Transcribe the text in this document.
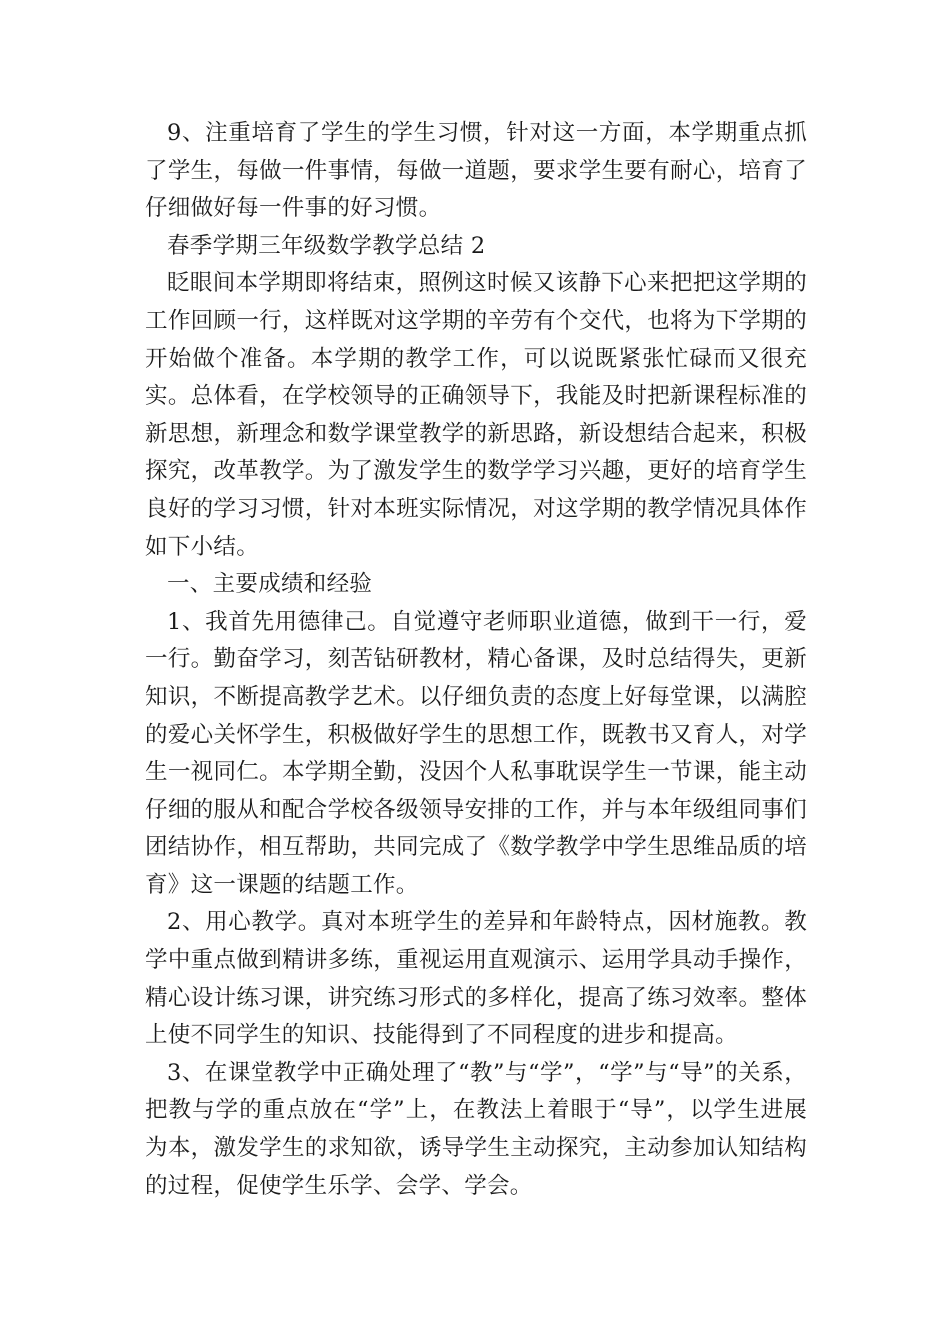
9、注重培育了学生的学生习惯，针对这一方面，本学期重点抓了学生，每做一件事情，每做一道题，要求学生要有耐心，培育了仔细做好每一件事的好习惯。

春季学期三年级数学教学总结 2

眨眼间本学期即将结束，照例这时候又该静下心来把把这学期的工作回顾一行，这样既对这学期的辛劳有个交代，也将为下学期的开始做个准备。本学期的教学工作，可以说既紧张忙碌而又很充实。总体看，在学校领导的正确领导下，我能及时把新课程标准的新思想，新理念和数学课堂教学的新思路，新设想结合起来，积极探究，改革教学。为了激发学生的数学学习兴趣，更好的培育学生良好的学习习惯，针对本班实际情况，对这学期的教学情况具体作如下小结。

一、主要成绩和经验

1、我首先用德律己。自觉遵守老师职业道德，做到干一行，爱一行。勤奋学习，刻苦钻研教材，精心备课，及时总结得失，更新知识，不断提高教学艺术。以仔细负责的态度上好每堂课，以满腔的爱心关怀学生，积极做好学生的思想工作，既教书又育人，对学生一视同仁。本学期全勤，没因个人私事耽误学生一节课，能主动仔细的服从和配合学校各级领导安排的工作，并与本年级组同事们团结协作，相互帮助，共同完成了《数学教学中学生思维品质的培育》这一课题的结题工作。

2、用心教学。真对本班学生的差异和年龄特点，因材施教。教学中重点做到精讲多练，重视运用直观演示、运用学具动手操作，精心设计练习课，讲究练习形式的多样化，提高了练习效率。整体上使不同学生的知识、技能得到了不同程度的进步和提高。

3、在课堂教学中正确处理了“教”与“学”，“学”与“导”的关系，把教与学的重点放在“学”上，在教法上着眼于“导”，以学生进展为本，激发学生的求知欲，诱导学生主动探究，主动参加认知结构的过程，促使学生乐学、会学、学会。
